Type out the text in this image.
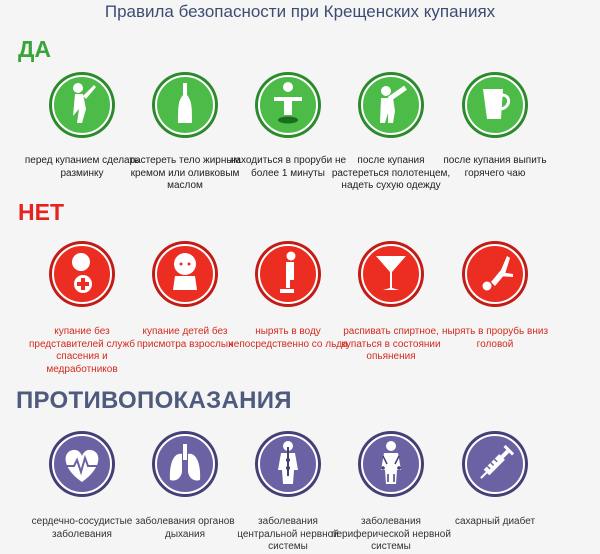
Правила безопасности при Крещенских купаниях
ДА
НЕТ
ПРОТИВОПОКАЗАНИЯ
перед купанием сделать разминку
растереть тело жирным кремом или оливковым маслом
находиться в проруби не более 1 минуты
после купания растереться полотенцем, надеть сухую одежду
после купания выпить горячего чаю
купание без представителей служб спасения и медработников
купание детей без присмотра взрослых
нырять в воду непосредственно со льда
распивать спиртное, купаться в состоянии опьянения
нырять в прорубь вниз головой
сердечно-сосудистые заболевания
заболевания органов дыхания
заболевания центральной нервной системы
заболевания периферической нервной системы
сахарный диабет
